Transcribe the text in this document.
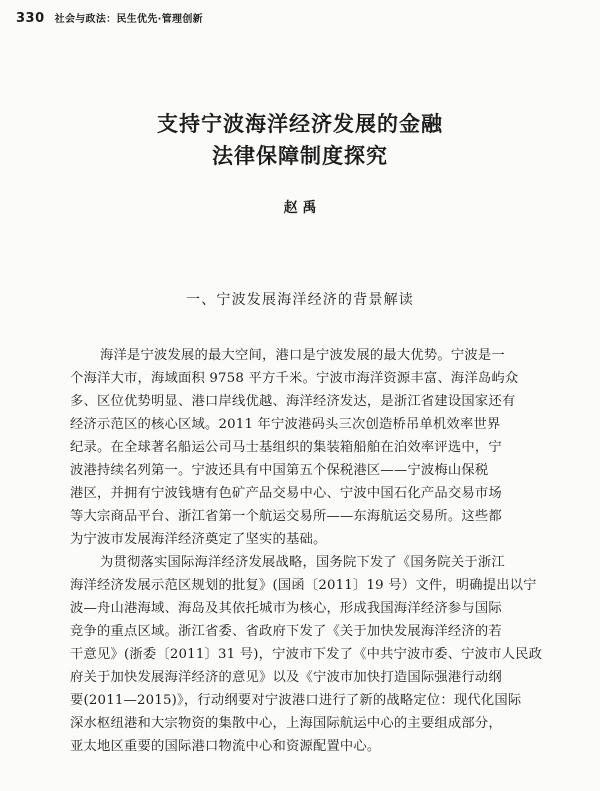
330 社会与政法：民生优先·管理创新
支持宁波海洋经济发展的金融
法律保障制度探究
赵 禹
一、宁波发展海洋经济的背景解读
海洋是宁波发展的最大空间，港口是宁波发展的最大优势。宁波是一
个海洋大市，海域面积 9758 平方千米。宁波市海洋资源丰富、海洋岛屿众
多、区位优势明显、港口岸线优越、海洋经济发达，是浙江省建设国家还有
经济示范区的核心区域。2011 年宁波港码头三次创造桥吊单机效率世界
纪录。在全球著名船运公司马士基组织的集装箱船舶在泊效率评选中，宁
波港持续名列第一。宁波还具有中国第五个保税港区——宁波梅山保税
港区，并拥有宁波钱塘有色矿产品交易中心、宁波中国石化产品交易市场
等大宗商品平台、浙江省第一个航运交易所——东海航运交易所。这些都
为宁波市发展海洋经济奠定了坚实的基础。
为贯彻落实国际海洋经济发展战略，国务院下发了《国务院关于浙江
海洋经济发展示范区规划的批复》(国函〔2011〕19 号）文件，明确提出以宁
波—舟山港海域、海岛及其依托城市为核心，形成我国海洋经济参与国际
竞争的重点区域。浙江省委、省政府下发了《关于加快发展海洋经济的若
干意见》(浙委〔2011〕31 号)，宁波市下发了《中共宁波市委、宁波市人民政
府关于加快发展海洋经济的意见》以及《宁波市加快打造国际强港行动纲
要(2011—2015)》，行动纲要对宁波港口进行了新的战略定位：现代化国际
深水枢纽港和大宗物资的集散中心，上海国际航运中心的主要组成部分，
亚太地区重要的国际港口物流中心和资源配置中心。
